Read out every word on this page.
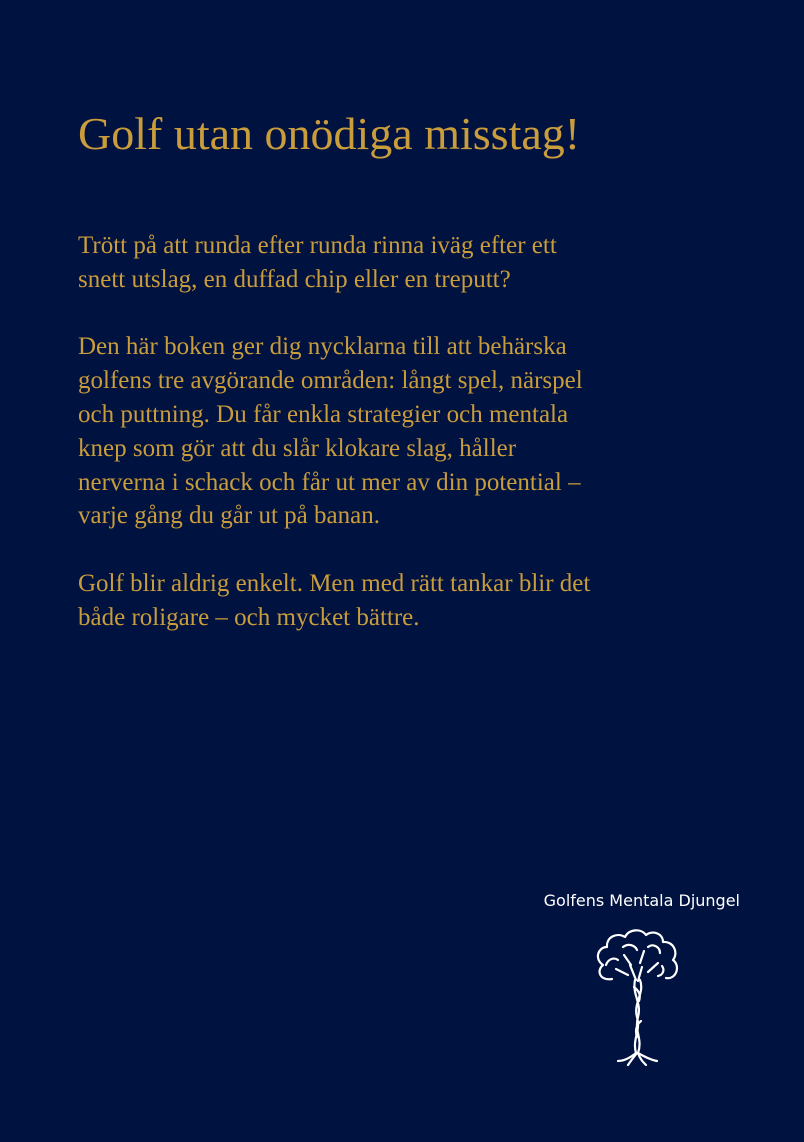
Golf utan onödiga misstag!

Trött på att runda efter runda rinna iväg efter ett
snett utslag, en duffad chip eller en treputt?

Den här boken ger dig nycklarna till att behärska
golfens tre avgörande områden: långt spel, närspel
och puttning. Du får enkla strategier och mentala
knep som gör att du slår klokare slag, håller
nerverna i schack och får ut mer av din potential –
varje gång du går ut på banan.

Golf blir aldrig enkelt. Men med rätt tankar blir det
både roligare – och mycket bättre.

Golfens Mentala Djungel
